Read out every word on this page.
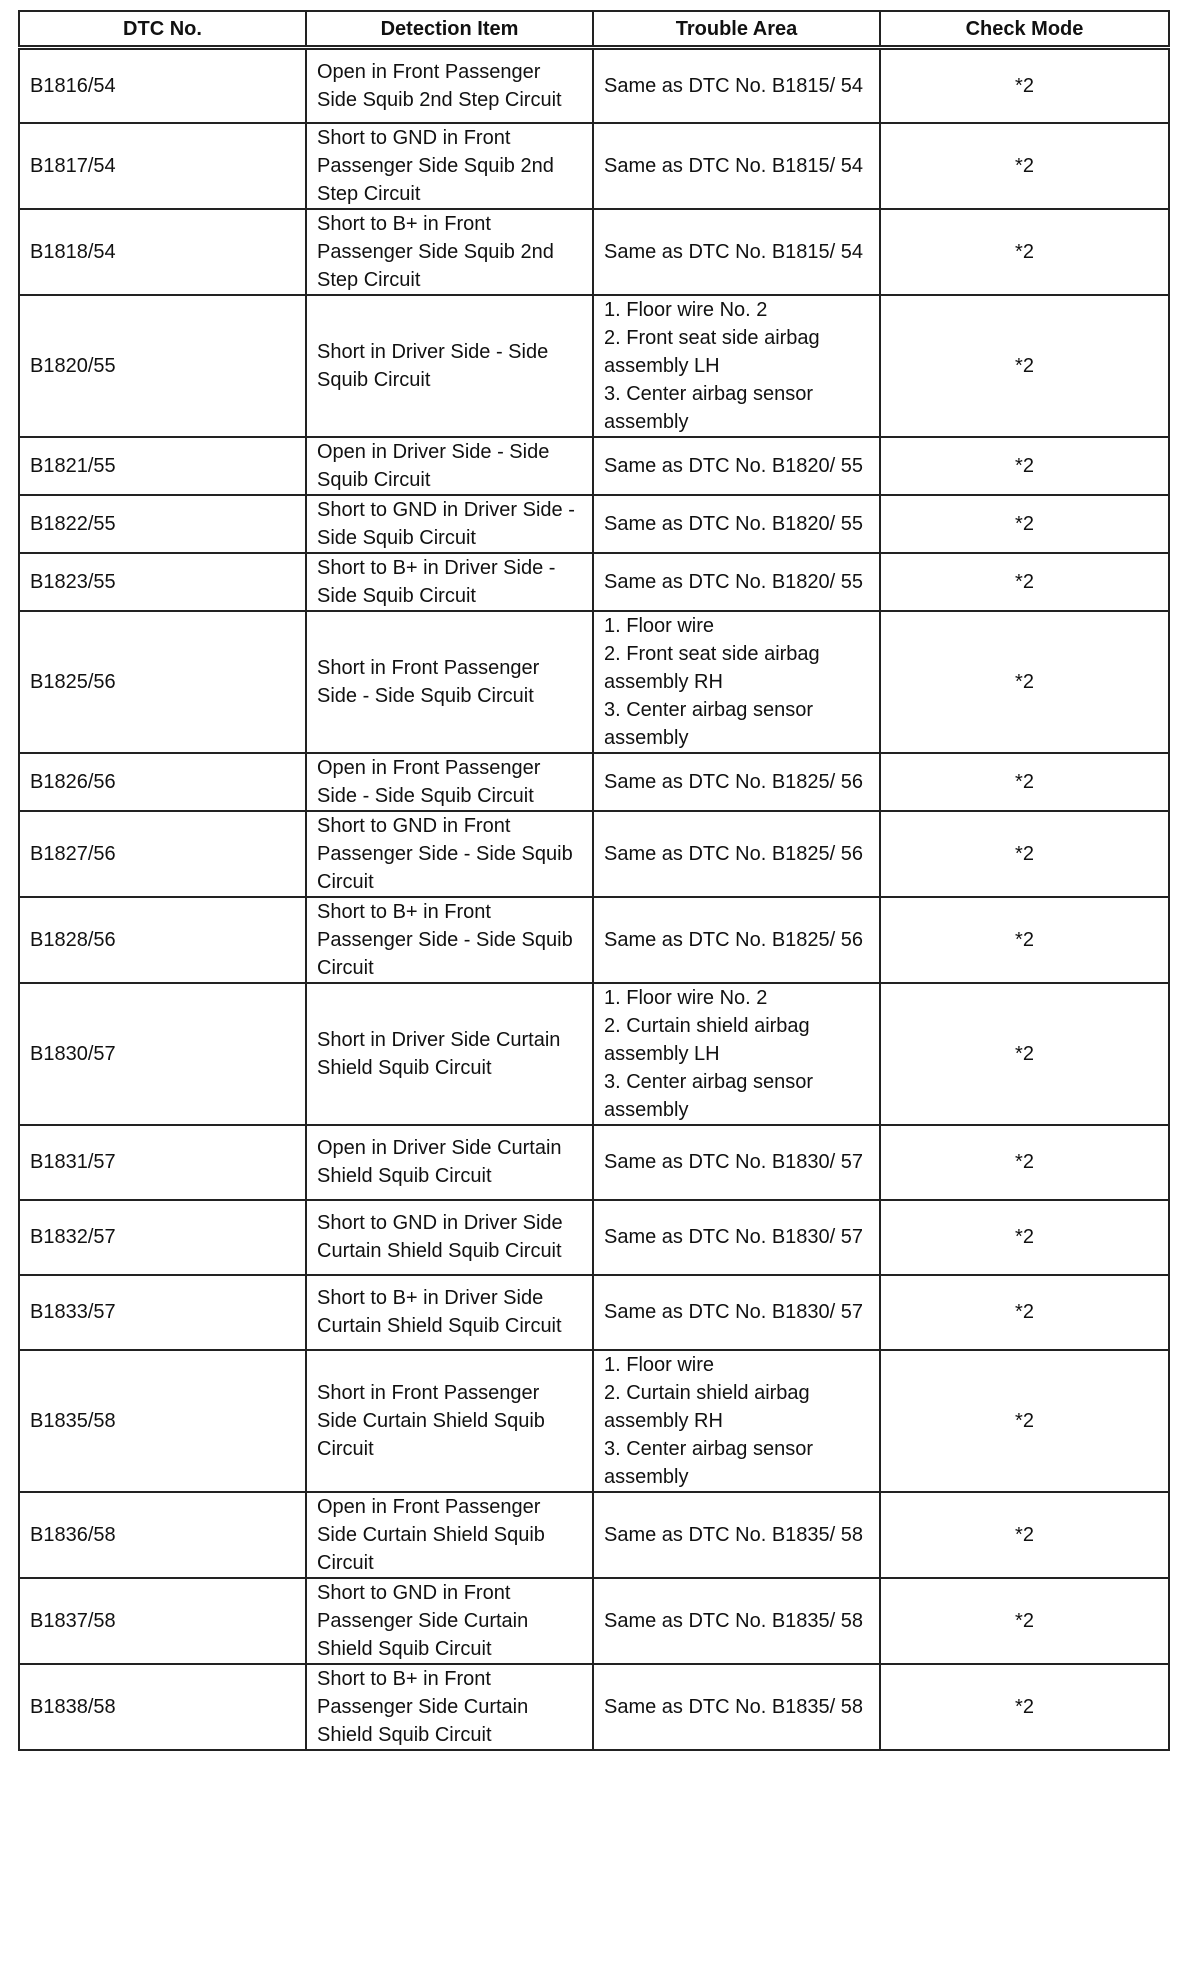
DTC No.	Detection Item	Trouble Area	Check Mode
B1816/54	Open in Front Passenger Side Squib 2nd Step Circuit	Same as DTC No. B1815/ 54	*2
B1817/54	Short to GND in Front Passenger Side Squib 2nd Step Circuit	Same as DTC No. B1815/ 54	*2
B1818/54	Short to B+ in Front Passenger Side Squib 2nd Step Circuit	Same as DTC No. B1815/ 54	*2
B1820/55	Short in Driver Side - Side Squib Circuit	1. Floor wire No. 2
2. Front seat side airbag assembly LH
3. Center airbag sensor assembly	*2
B1821/55	Open in Driver Side - Side Squib Circuit	Same as DTC No. B1820/ 55	*2
B1822/55	Short to GND in Driver Side - Side Squib Circuit	Same as DTC No. B1820/ 55	*2
B1823/55	Short to B+ in Driver Side - Side Squib Circuit	Same as DTC No. B1820/ 55	*2
B1825/56	Short in Front Passenger Side - Side Squib Circuit	1. Floor wire
2. Front seat side airbag assembly RH
3. Center airbag sensor assembly	*2
B1826/56	Open in Front Passenger Side - Side Squib Circuit	Same as DTC No. B1825/ 56	*2
B1827/56	Short to GND in Front Passenger Side - Side Squib Circuit	Same as DTC No. B1825/ 56	*2
B1828/56	Short to B+ in Front Passenger Side - Side Squib Circuit	Same as DTC No. B1825/ 56	*2
B1830/57	Short in Driver Side Curtain Shield Squib Circuit	1. Floor wire No. 2
2. Curtain shield airbag assembly LH
3. Center airbag sensor assembly	*2
B1831/57	Open in Driver Side Curtain Shield Squib Circuit	Same as DTC No. B1830/ 57	*2
B1832/57	Short to GND in Driver Side Curtain Shield Squib Circuit	Same as DTC No. B1830/ 57	*2
B1833/57	Short to B+ in Driver Side Curtain Shield Squib Circuit	Same as DTC No. B1830/ 57	*2
B1835/58	Short in Front Passenger Side Curtain Shield Squib Circuit	1. Floor wire
2. Curtain shield airbag assembly RH
3. Center airbag sensor assembly	*2
B1836/58	Open in Front Passenger Side Curtain Shield Squib Circuit	Same as DTC No. B1835/ 58	*2
B1837/58	Short to GND in Front Passenger Side Curtain Shield Squib Circuit	Same as DTC No. B1835/ 58	*2
B1838/58	Short to B+ in Front Passenger Side Curtain Shield Squib Circuit	Same as DTC No. B1835/ 58	*2
